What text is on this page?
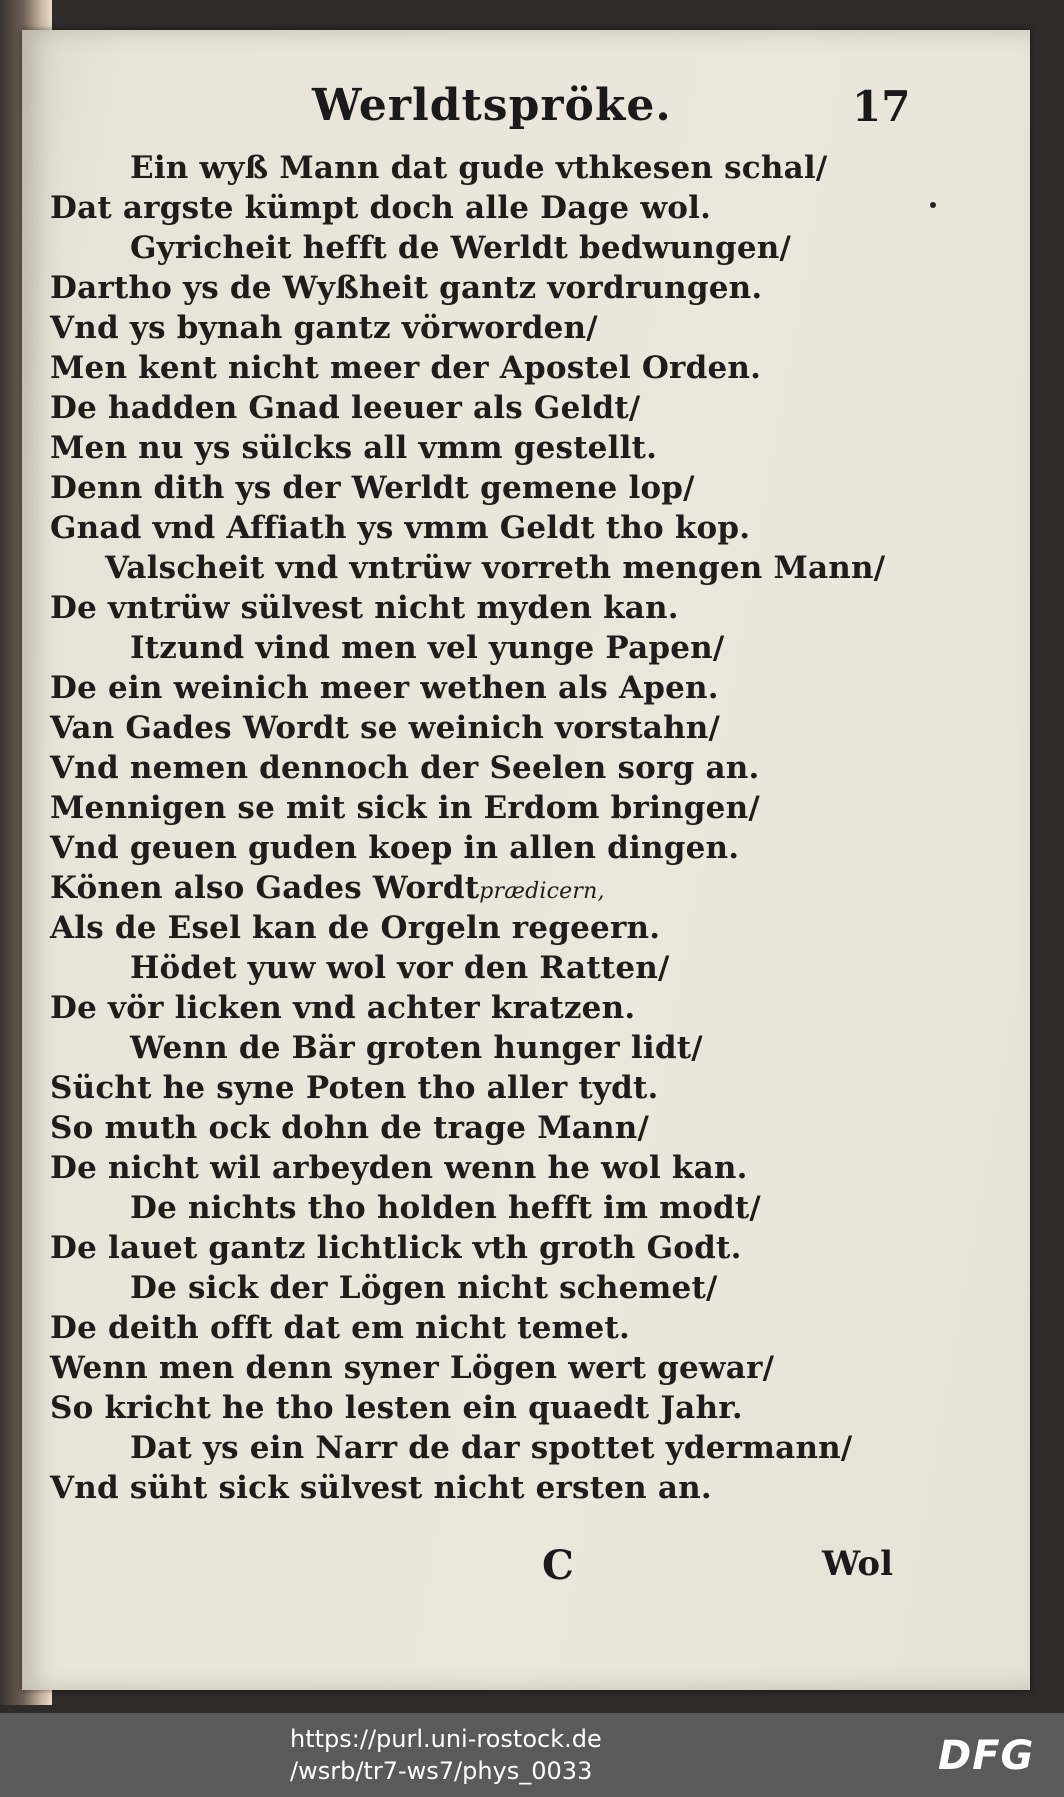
Werldtspröke.	17
Ein wyß Mann dat gude vthkesen schal/
Dat argste kümpt doch alle Dage wol.
Gyricheit hefft de Werldt bedwungen/
Dartho ys de Wyßheit gantz vordrungen.
Vnd ys bynah gantz vörworden/
Men kent nicht meer der Apostel Orden.
De hadden Gnad leeuer als Geldt/
Men nu ys sülcks all vmm gestellt.
Denn dith ys der Werldt gemene lop/
Gnad vnd Affiath ys vmm Geldt tho kop.
Valscheit vnd vntrüw vorreth mengen Mann/
De vntrüw sülvest nicht myden kan.
Itzund vind men vel yunge Papen/
De ein weinich meer wethen als Apen.
Van Gades Wordt se weinich vorstahn/
Vnd nemen dennoch der Seelen sorg an.
Mennigen se mit sick in Erdom bringen/
Vnd geuen guden koep in allen dingen.
Könen also Gades Wordtprædicern,
Als de Esel kan de Orgeln regeern.
Hödet yuw wol vor den Ratten/
De vör licken vnd achter kratzen.
Wenn de Bär groten hunger lidt/
Sücht he syne Poten tho aller tydt.
So muth ock dohn de trage Mann/
De nicht wil arbeyden wenn he wol kan.
De nichts tho holden hefft im modt/
De lauet gantz lichtlick vth groth Godt.
De sick der Lögen nicht schemet/
De deith offt dat em nicht temet.
Wenn men denn syner Lögen wert gewar/
So kricht he tho lesten ein quaedt Jahr.
Dat ys ein Narr de dar spottet ydermann/
Vnd süht sick sülvest nicht ersten an.
C	Wol
https://purl.uni-rostock.de
/wsrb/tr7-ws7/phys_0033	DFG
